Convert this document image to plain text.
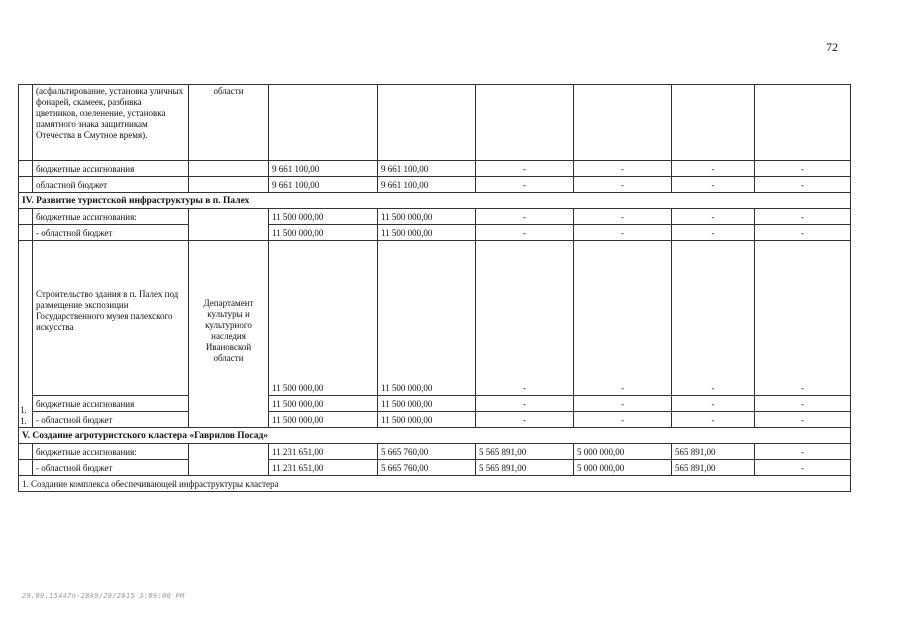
72
	(асфальтирование, установка уличных фонарей, скамеек, разбивка цветников, озеленение, установка памятного знака защитникам Отечества в Смутное время).	области						
	бюджетные ассигнования		9 661 100,00	9 661 100,00	-	-	-	-
	областной бюджет		9 661 100,00	9 661 100,00	-	-	-	-
IV. Развитие туристской инфраструктуры в п. Палех								
	бюджетные ассигнования:		11 500 000,00	11 500 000,00	-	-	-	-
	- областной бюджет		11 500 000,00	11 500 000,00	-	-	-	-
1. 1.	Строительство здания в п. Палех под размещение экспозиции Государственного музея палехского искусства	Департамент культуры и культурного наследия Ивановской области	11 500 000,00	11 500 000,00	-	-	-	-
	бюджетные ассигнования		11 500 000,00	11 500 000,00	-	-	-	-
	- областной бюджет		11 500 000,00	11 500 000,00	-	-	-	-
V. Создание агротуристского кластера «Гаврилов Посад»								
	бюджетные ассигнования:		11 231 651,00	5 665 760,00	5 565 891,00	5 000 000,00	565 891,00	-
	- областной бюджет		11 231 651,00	5 665 760,00	5 565 891,00	5 000 000,00	565 891,00	-
1. Создание комплекса обеспечивающей инфраструктуры кластера								
29.09.15447п-28k9/29/2015 3:09:00 PM
